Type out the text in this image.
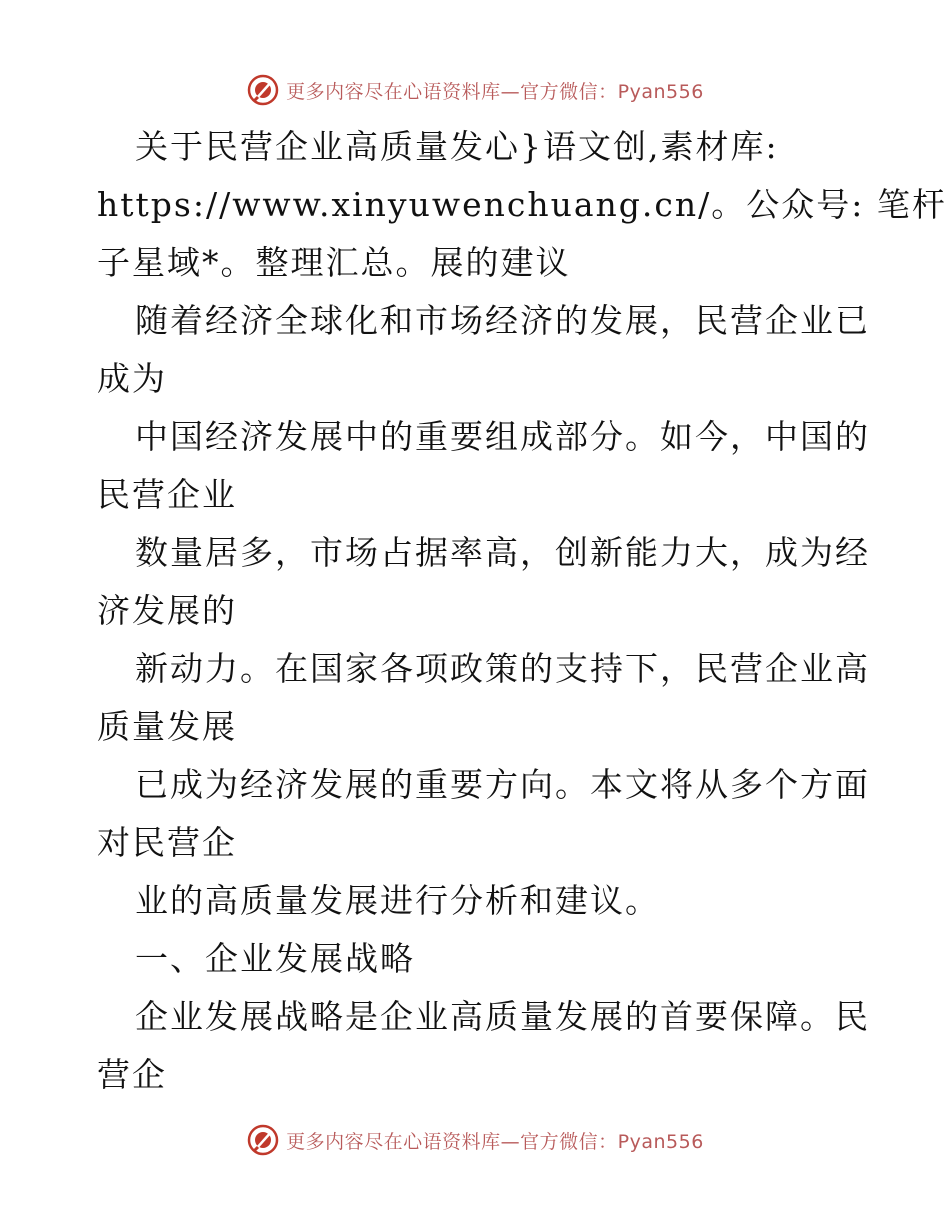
更多内容尽在心语资料库—官方微信：Pyan556
关于民营企业高质量发心}语文创,素材库:
https://www.xinyuwenchuang.cn/。公众号: 笔杆
子星域*。整理汇总。展的建议
随着经济全球化和市场经济的发展，民营企业已
成为
中国经济发展中的重要组成部分。如今，中国的
民营企业
数量居多，市场占据率高，创新能力大，成为经
济发展的
新动力。在国家各项政策的支持下，民营企业高
质量发展
已成为经济发展的重要方向。本文将从多个方面
对民营企
业的高质量发展进行分析和建议。
一、企业发展战略
企业发展战略是企业高质量发展的首要保障。民
营企
更多内容尽在心语资料库—官方微信：Pyan556
